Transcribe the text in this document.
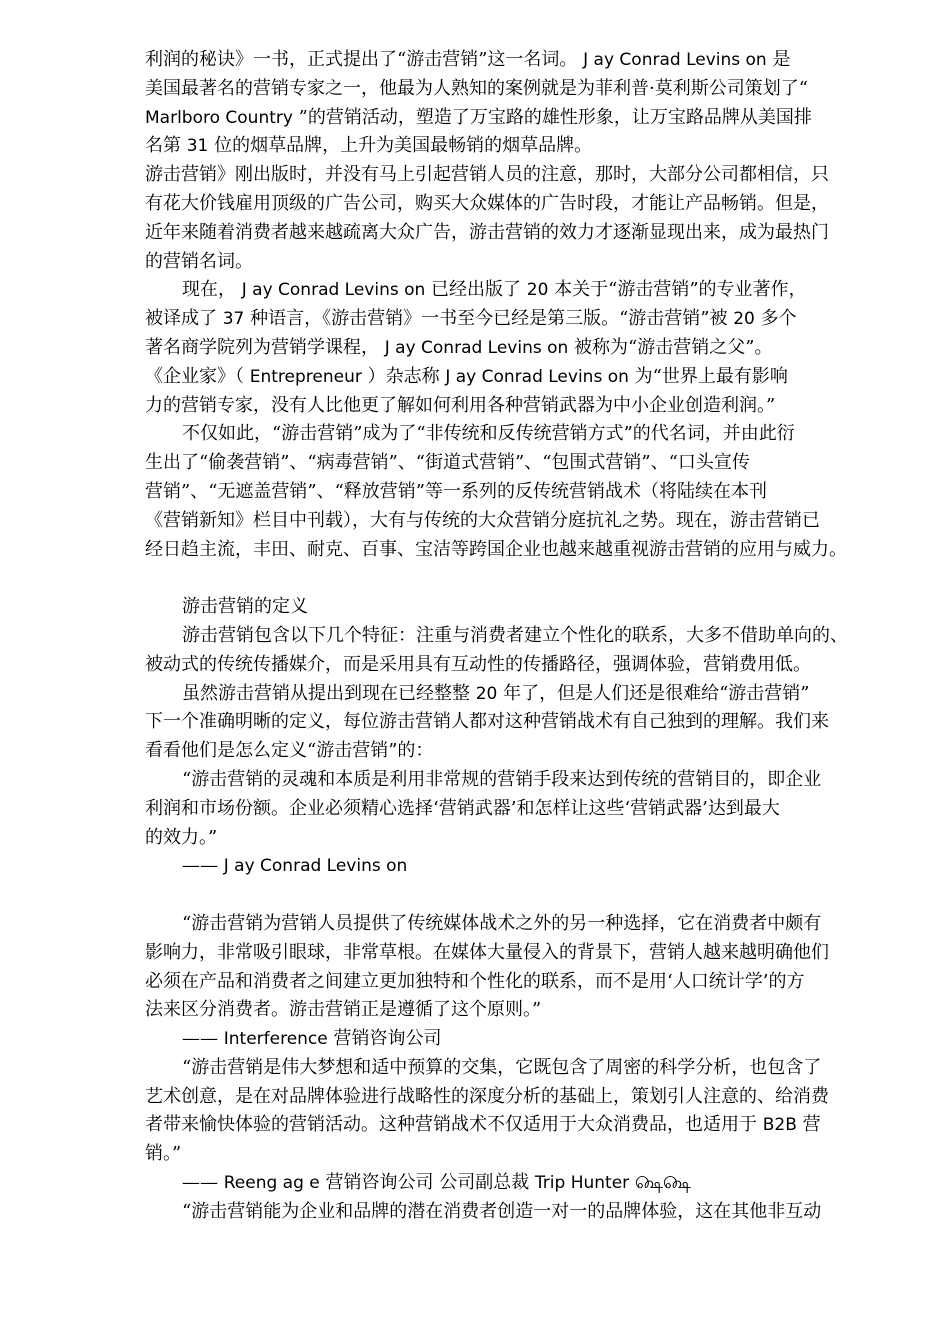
利润的秘诀》一书，正式提出了“游击营销”这一名词。 J ay Conrad Levins on 是
美国最著名的营销专家之一，他最为人熟知的案例就是为菲利普·莫利斯公司策划了“
Marlboro Country ”的营销活动，塑造了万宝路的雄性形象，让万宝路品牌从美国排
名第 31 位的烟草品牌，上升为美国最畅销的烟草品牌。
游击营销》刚出版时，并没有马上引起营销人员的注意，那时，大部分公司都相信，只
有花大价钱雇用顶级的广告公司，购买大众媒体的广告时段，才能让产品畅销。但是，
近年来随着消费者越来越疏离大众广告，游击营销的效力才逐渐显现出来，成为最热门
的营销名词。
现在， J ay Conrad Levins on 已经出版了 20 本关于“游击营销”的专业著作，
被译成了 37 种语言，《游击营销》一书至今已经是第三版。“游击营销”被 20 多个
著名商学院列为营销学课程， J ay Conrad Levins on 被称为“游击营销之父”。
《企业家》（ Entrepreneur ）杂志称 J ay Conrad Levins on 为“世界上最有影响
力的营销专家，没有人比他更了解如何利用各种营销武器为中小企业创造利润。”
不仅如此，“游击营销”成为了“非传统和反传统营销方式”的代名词，并由此衍
生出了“偷袭营销”、“病毒营销”、“街道式营销”、“包围式营销”、“口头宣传
营销”、“无遮盖营销”、“释放营销”等一系列的反传统营销战术（将陆续在本刊
《营销新知》栏目中刊载），大有与传统的大众营销分庭抗礼之势。现在，游击营销已
经日趋主流，丰田、耐克、百事、宝洁等跨国企业也越来越重视游击营销的应用与威力。
游击营销的定义
游击营销包含以下几个特征：注重与消费者建立个性化的联系，大多不借助单向的、
被动式的传统传播媒介，而是采用具有互动性的传播路径，强调体验，营销费用低。
虽然游击营销从提出到现在已经整整 20 年了，但是人们还是很难给“游击营销”
下一个准确明晰的定义，每位游击营销人都对这种营销战术有自己独到的理解。我们来
看看他们是怎么定义“游击营销”的：
“游击营销的灵魂和本质是利用非常规的营销手段来达到传统的营销目的，即企业
利润和市场份额。企业必须精心选择‘营销武器’和怎样让这些‘营销武器’达到最大
的效力。”
—— J ay Conrad Levins on
“游击营销为营销人员提供了传统媒体战术之外的另一种选择，它在消费者中颇有
影响力，非常吸引眼球，非常草根。在媒体大量侵入的背景下，营销人越来越明确他们
必须在产品和消费者之间建立更加独特和个性化的联系，而不是用‘人口统计学’的方
法来区分消费者。游击营销正是遵循了这个原则。”
—— Interference 营销咨询公司
“游击营销是伟大梦想和适中预算的交集，它既包含了周密的科学分析，也包含了
艺术创意，是在对品牌体验进行战略性的深度分析的基础上，策划引人注意的、给消费
者带来愉快体验的营销活动。这种营销战术不仅适用于大众消费品，也适用于 B2B 营
销。”
—— Reeng ag e 营销咨询公司 公司副总裁 Trip Hunter ௸௸
“游击营销能为企业和品牌的潜在消费者创造一对一的品牌体验，这在其他非互动
